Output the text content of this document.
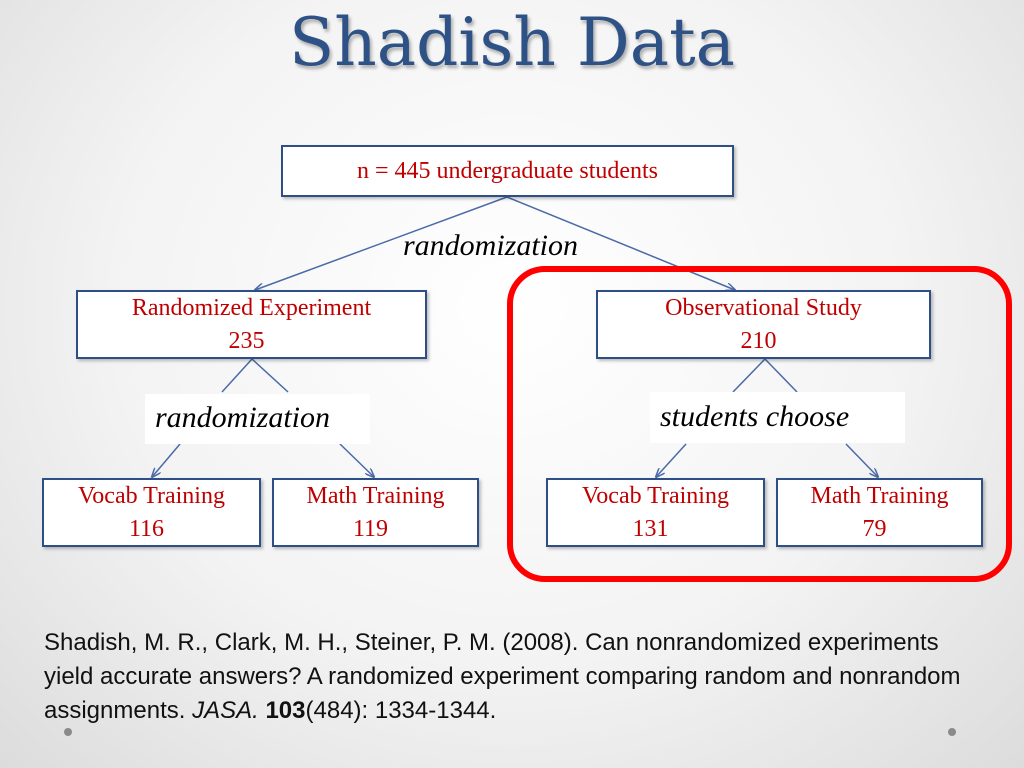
Shadish Data
randomization
n = 445 undergraduate students
Randomized Experiment
235
Observational Study
210
randomization	students choose
Vocab Training
116
Math Training
119
Vocab Training
131
Math Training
79
Shadish, M. R., Clark, M. H., Steiner, P. M. (2008). Can nonrandomized experiments yield accurate answers? A randomized experiment comparing random and nonrandom assignments. JASA. 103(484): 1334-1344.
